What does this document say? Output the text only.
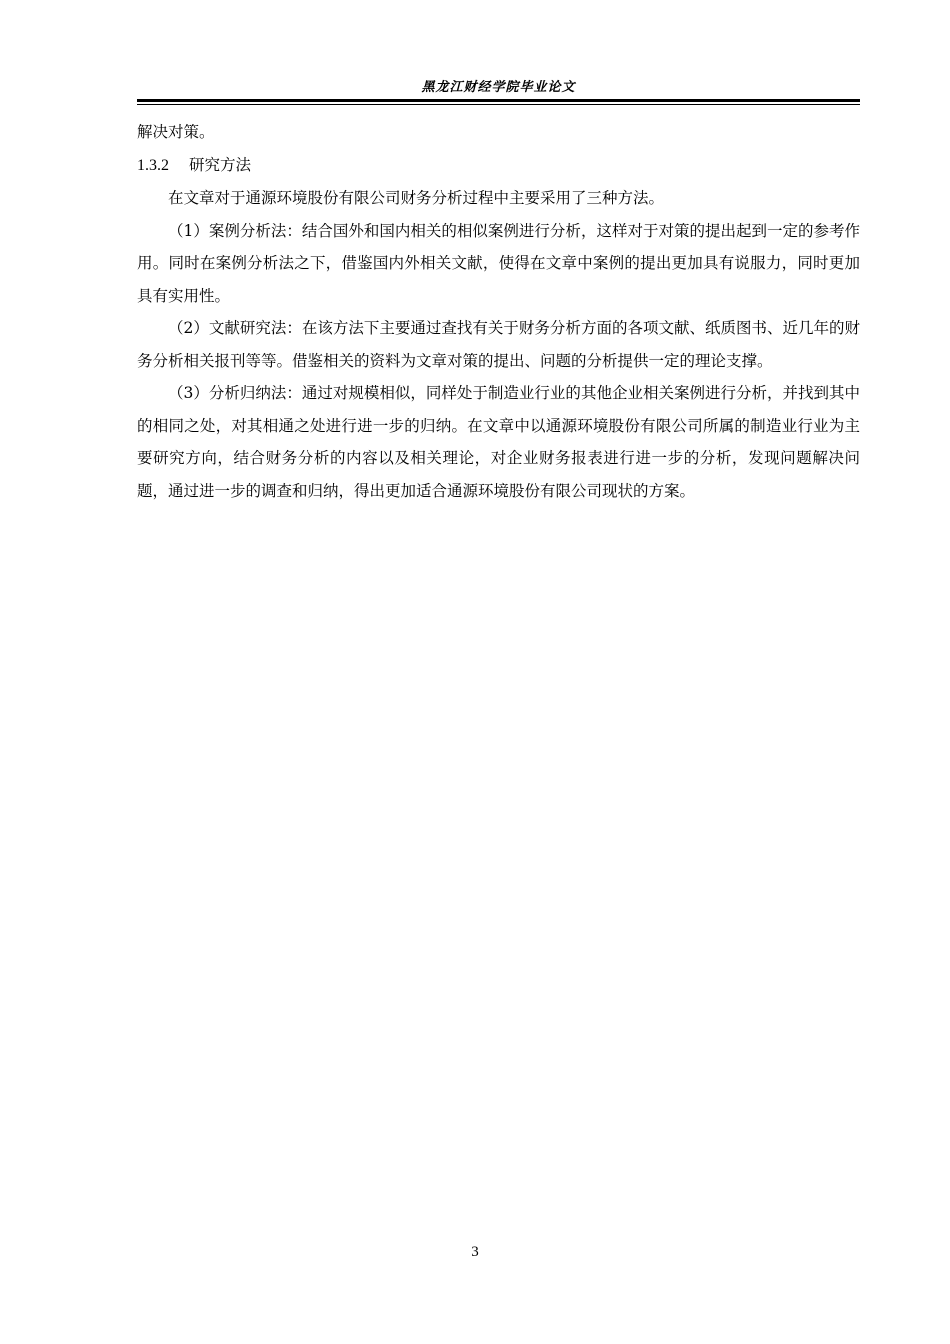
黑龙江财经学院毕业论文

解决对策。

1.3.2 研究方法

在文章对于通源环境股份有限公司财务分析过程中主要采用了三种方法。

（1）案例分析法：结合国外和国内相关的相似案例进行分析，这样对于对策的提出起到一定的参考作用。同时在案例分析法之下，借鉴国内外相关文献，使得在文章中案例的提出更加具有说服力，同时更加具有实用性。

（2）文献研究法：在该方法下主要通过查找有关于财务分析方面的各项文献、纸质图书、近几年的财务分析相关报刊等等。借鉴相关的资料为文章对策的提出、问题的分析提供一定的理论支撑。

（3）分析归纳法：通过对规模相似，同样处于制造业行业的其他企业相关案例进行分析，并找到其中的相同之处，对其相通之处进行进一步的归纳。在文章中以通源环境股份有限公司所属的制造业行业为主要研究方向，结合财务分析的内容以及相关理论，对企业财务报表进行进一步的分析，发现问题解决问题，通过进一步的调查和归纳，得出更加适合通源环境股份有限公司现状的方案。

3
